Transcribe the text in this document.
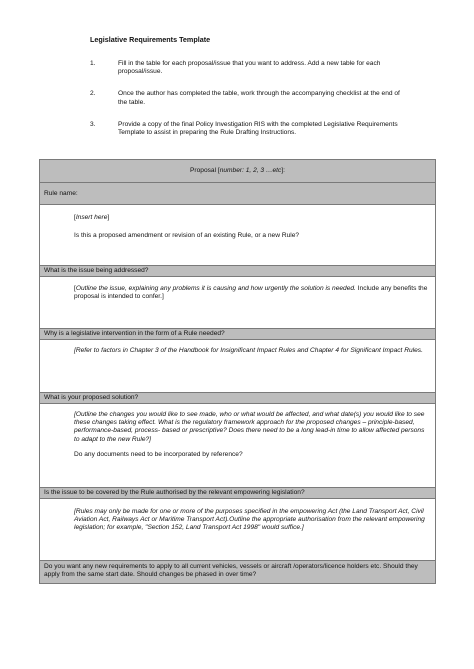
Legislative Requirements Template
1.	Fill in the table for each proposal/issue that you want to address. Add a new table for each proposal/issue.
2.	Once the author has completed the table, work through the accompanying checklist at the end of the table.
3.	Provide a copy of the final Policy Investigation RIS with the completed Legislative Requirements Template to assist in preparing the Rule Drafting Instructions.
Proposal [number: 1, 2, 3 …etc]:
Rule name:

[Insert here]

Is this a proposed amendment or revision of an existing Rule, or a new Rule?

What is the issue being addressed?

[Outline the issue, explaining any problems it is causing and how urgently the solution is needed. Include any benefits the proposal is intended to confer.]

Why is a legislative intervention in the form of a Rule needed?

[Refer to factors in Chapter 3 of the Handbook for Insignificant Impact Rules and Chapter 4 for Significant Impact Rules.

What is your proposed solution?

[Outline the changes you would like to see made, who or what would be affected, and what date(s) you would like to see these changes taking effect. What is the regulatory framework approach for the proposed changes – principle-based, performance-based, process- based or prescriptive? Does there need to be a long lead-in time to allow affected persons to adapt to the new Rule?]

Do any documents need to be incorporated by reference?

Is the issue to be covered by the Rule authorised by the relevant empowering legislation?

[Rules may only be made for one or more of the purposes specified in the empowering Act (the Land Transport Act, Civil Aviation Act, Railways Act or Maritime Transport Act).Outline the appropriate authorisation from the relevant empowering legislation; for example, "Section 152, Land Transport Act 1998" would suffice.]

Do you want any new requirements to apply to all current vehicles, vessels or aircraft /operators/licence holders etc. Should they apply from the same start date. Should changes be phased in over time?
